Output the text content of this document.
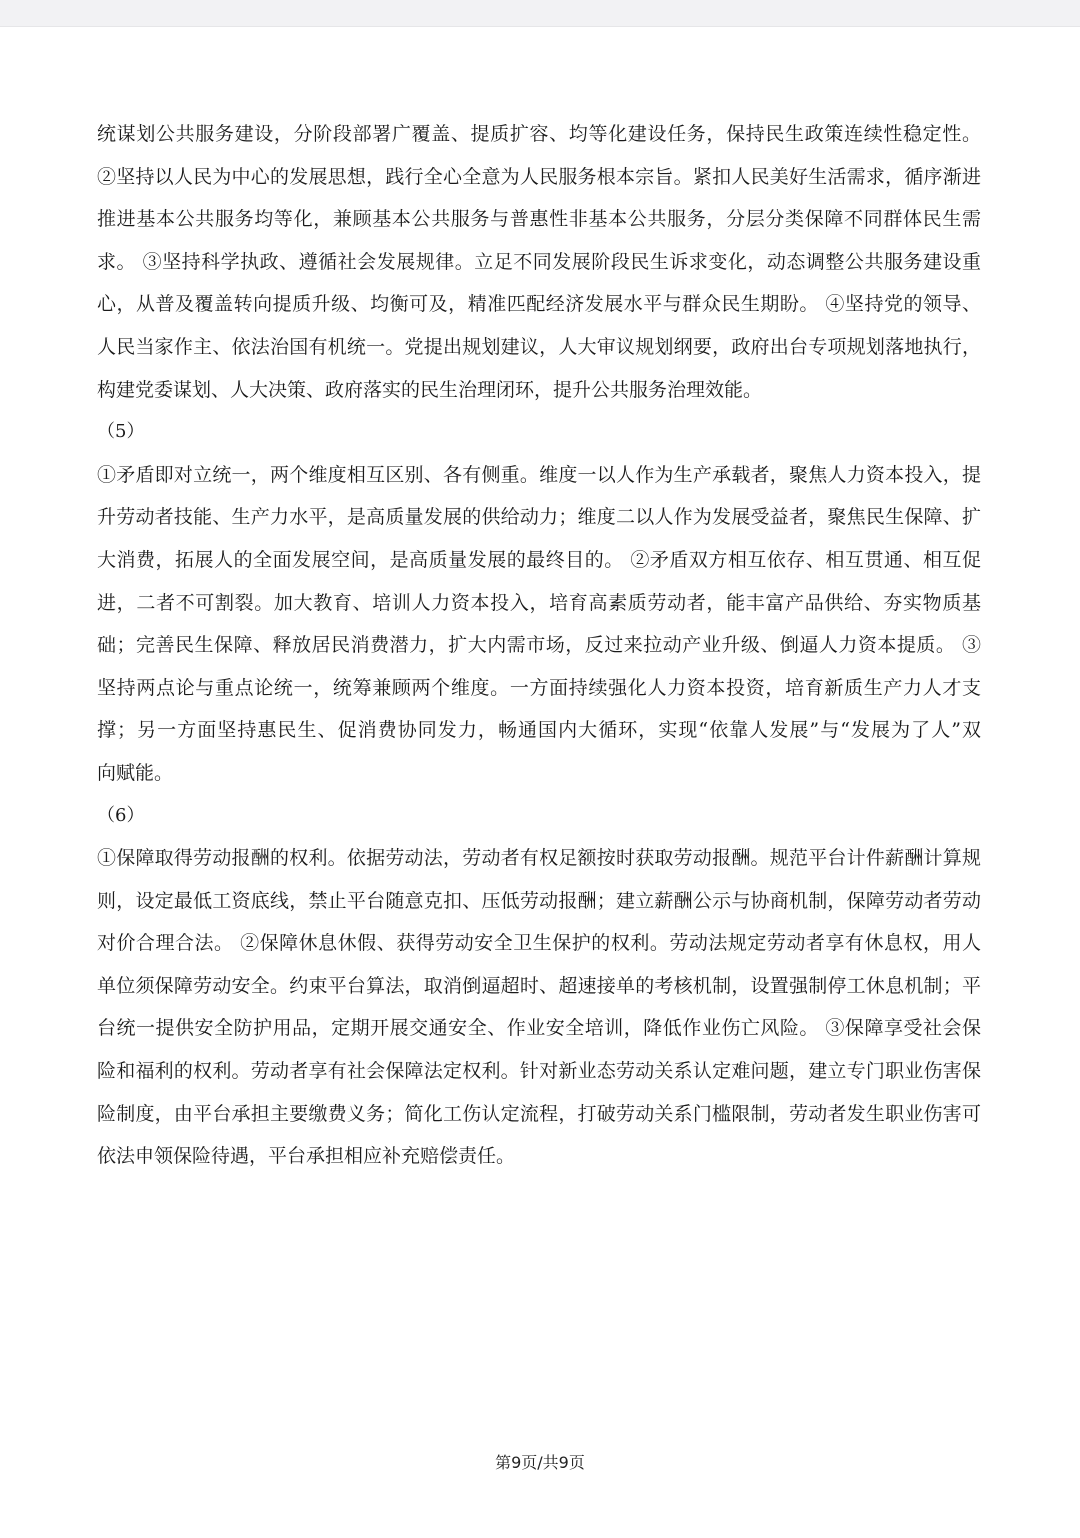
统谋划公共服务建设，分阶段部署广覆盖、提质扩容、均等化建设任务，保持民生政策连续性稳定性。
②坚持以人民为中心的发展思想，践行全心全意为人民服务根本宗旨。紧扣人民美好生活需求，循序渐进
推进基本公共服务均等化，兼顾基本公共服务与普惠性非基本公共服务，分层分类保障不同群体民生需
求。 ③坚持科学执政、遵循社会发展规律。立足不同发展阶段民生诉求变化，动态调整公共服务建设重
心，从普及覆盖转向提质升级、均衡可及，精准匹配经济发展水平与群众民生期盼。 ④坚持党的领导、
人民当家作主、依法治国有机统一。党提出规划建议，人大审议规划纲要，政府出台专项规划落地执行，
构建党委谋划、人大决策、政府落实的民生治理闭环，提升公共服务治理效能。
（5）
①矛盾即对立统一，两个维度相互区别、各有侧重。维度一以人作为生产承载者，聚焦人力资本投入，提
升劳动者技能、生产力水平，是高质量发展的供给动力；维度二以人作为发展受益者，聚焦民生保障、扩
大消费，拓展人的全面发展空间，是高质量发展的最终目的。 ②矛盾双方相互依存、相互贯通、相互促
进，二者不可割裂。加大教育、培训人力资本投入，培育高素质劳动者，能丰富产品供给、夯实物质基
础；完善民生保障、释放居民消费潜力，扩大内需市场，反过来拉动产业升级、倒逼人力资本提质。 ③
坚持两点论与重点论统一，统筹兼顾两个维度。一方面持续强化人力资本投资，培育新质生产力人才支
撑；另一方面坚持惠民生、促消费协同发力，畅通国内大循环，实现“依靠人发展”与“发展为了人”双
向赋能。
（6）
①保障取得劳动报酬的权利。依据劳动法，劳动者有权足额按时获取劳动报酬。规范平台计件薪酬计算规
则，设定最低工资底线，禁止平台随意克扣、压低劳动报酬；建立薪酬公示与协商机制，保障劳动者劳动
对价合理合法。 ②保障休息休假、获得劳动安全卫生保护的权利。劳动法规定劳动者享有休息权，用人
单位须保障劳动安全。约束平台算法，取消倒逼超时、超速接单的考核机制，设置强制停工休息机制；平
台统一提供安全防护用品，定期开展交通安全、作业安全培训，降低作业伤亡风险。 ③保障享受社会保
险和福利的权利。劳动者享有社会保障法定权利。针对新业态劳动关系认定难问题，建立专门职业伤害保
险制度，由平台承担主要缴费义务；简化工伤认定流程，打破劳动关系门槛限制，劳动者发生职业伤害可
依法申领保险待遇，平台承担相应补充赔偿责任。
第9页/共9页
